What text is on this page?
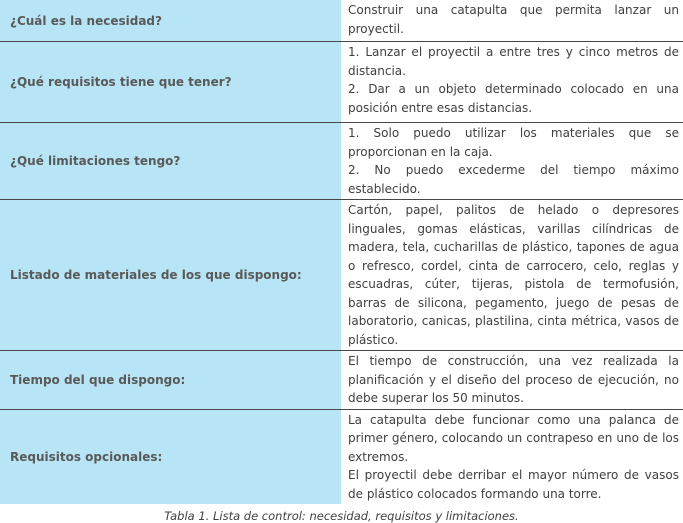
¿Cuál es la necesidad?

Construir una catapulta que permita lanzar un proyectil.

¿Qué requisitos tiene que tener?

1. Lanzar el proyectil a entre tres y cinco metros de distancia.

2. Dar a un objeto determinado colocado en una posición entre esas distancias.

¿Qué limitaciones tengo?

1. Solo puedo utilizar los materiales que se proporcionan en la caja.

2. No puedo excederme del tiempo máximo establecido.

Listado de materiales de los que dispongo:

Cartón, papel, palitos de helado o depresores linguales, gomas elásticas, varillas cilíndricas de madera, tela, cucharillas de plástico, tapones de agua o refresco, cordel, cinta de carrocero, celo, reglas y escuadras, cúter, tijeras, pistola de termofusión, barras de silicona, pegamento, juego de pesas de laboratorio, canicas, plastilina, cinta métrica, vasos de plástico.

Tiempo del que dispongo:

El tiempo de construcción, una vez realizada la planificación y el diseño del proceso de ejecución, no debe superar los 50 minutos.

Requisitos opcionales:

La catapulta debe funcionar como una palanca de primer género, colocando un contrapeso en uno de los extremos.

El proyectil debe derribar el mayor número de vasos de plástico colocados formando una torre.

Tabla 1. Lista de control: necesidad, requisitos y limitaciones.
